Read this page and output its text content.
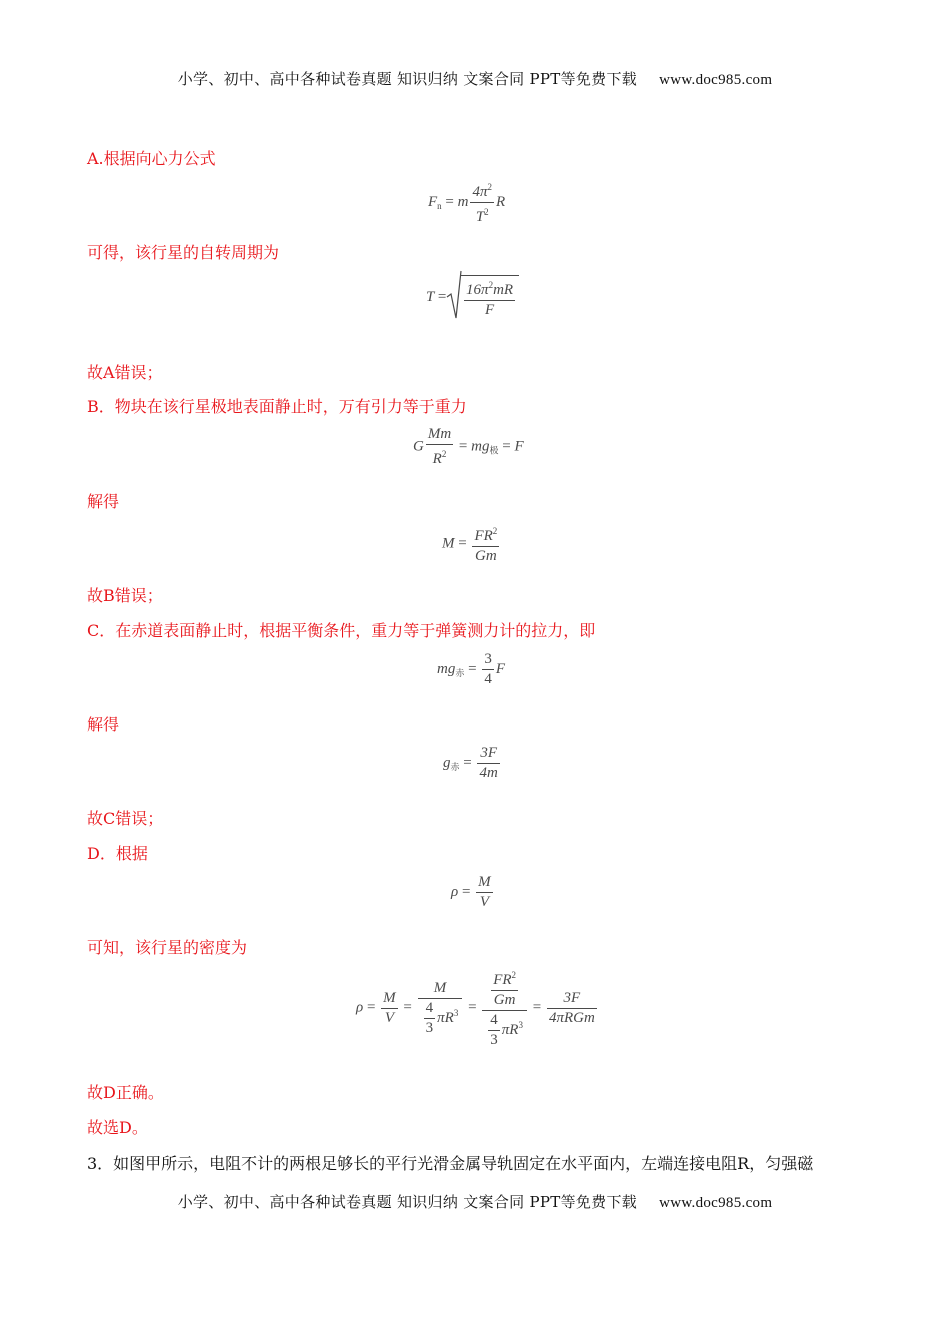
小学、初中、高中各种试卷真题 知识归纳 文案合同 PPT等免费下载 www.doc985.com
A.根据向心力公式
$F_n = m \frac{4\pi^2}{T^2}$ R
可得，该行星的自转周期为
$T = \frac{16\pi^2mR}{F}$
故A错误；
B．物块在该行星极地表面静止时，万有引力等于重力
G $\frac{Mm}{R^2} = mg_极 = F$
解得
$M = \frac{FR^2}{Gm}$
故B错误；
C．在赤道表面静止时，根据平衡条件，重力等于弹簧测力计的拉力，即
$mg_赤 = \frac{3}{4}$ F
解得
$g_赤 = \frac{3F}{4m}$
故C错误；
D．根据
$\rho = \frac{M}{V}$
可知，该行星的密度为
$\rho = \frac{M}{V} = \frac{M}{\frac{4}{3} \pi R^3} = \frac{\frac{FR^2}{Gm}}{\frac{4}{3} \pi R^3} = \frac{3F}{\text{4πRGm}}$
故D正确。
故选D。
3．如图甲所示，电阻不计的两根足够长的平行光滑金属导轨固定在水平面内，左端连接电阻R，匀强磁
小学、初中、高中各种试卷真题 知识归纳 文案合同 PPT等免费下载 www.doc985.com
